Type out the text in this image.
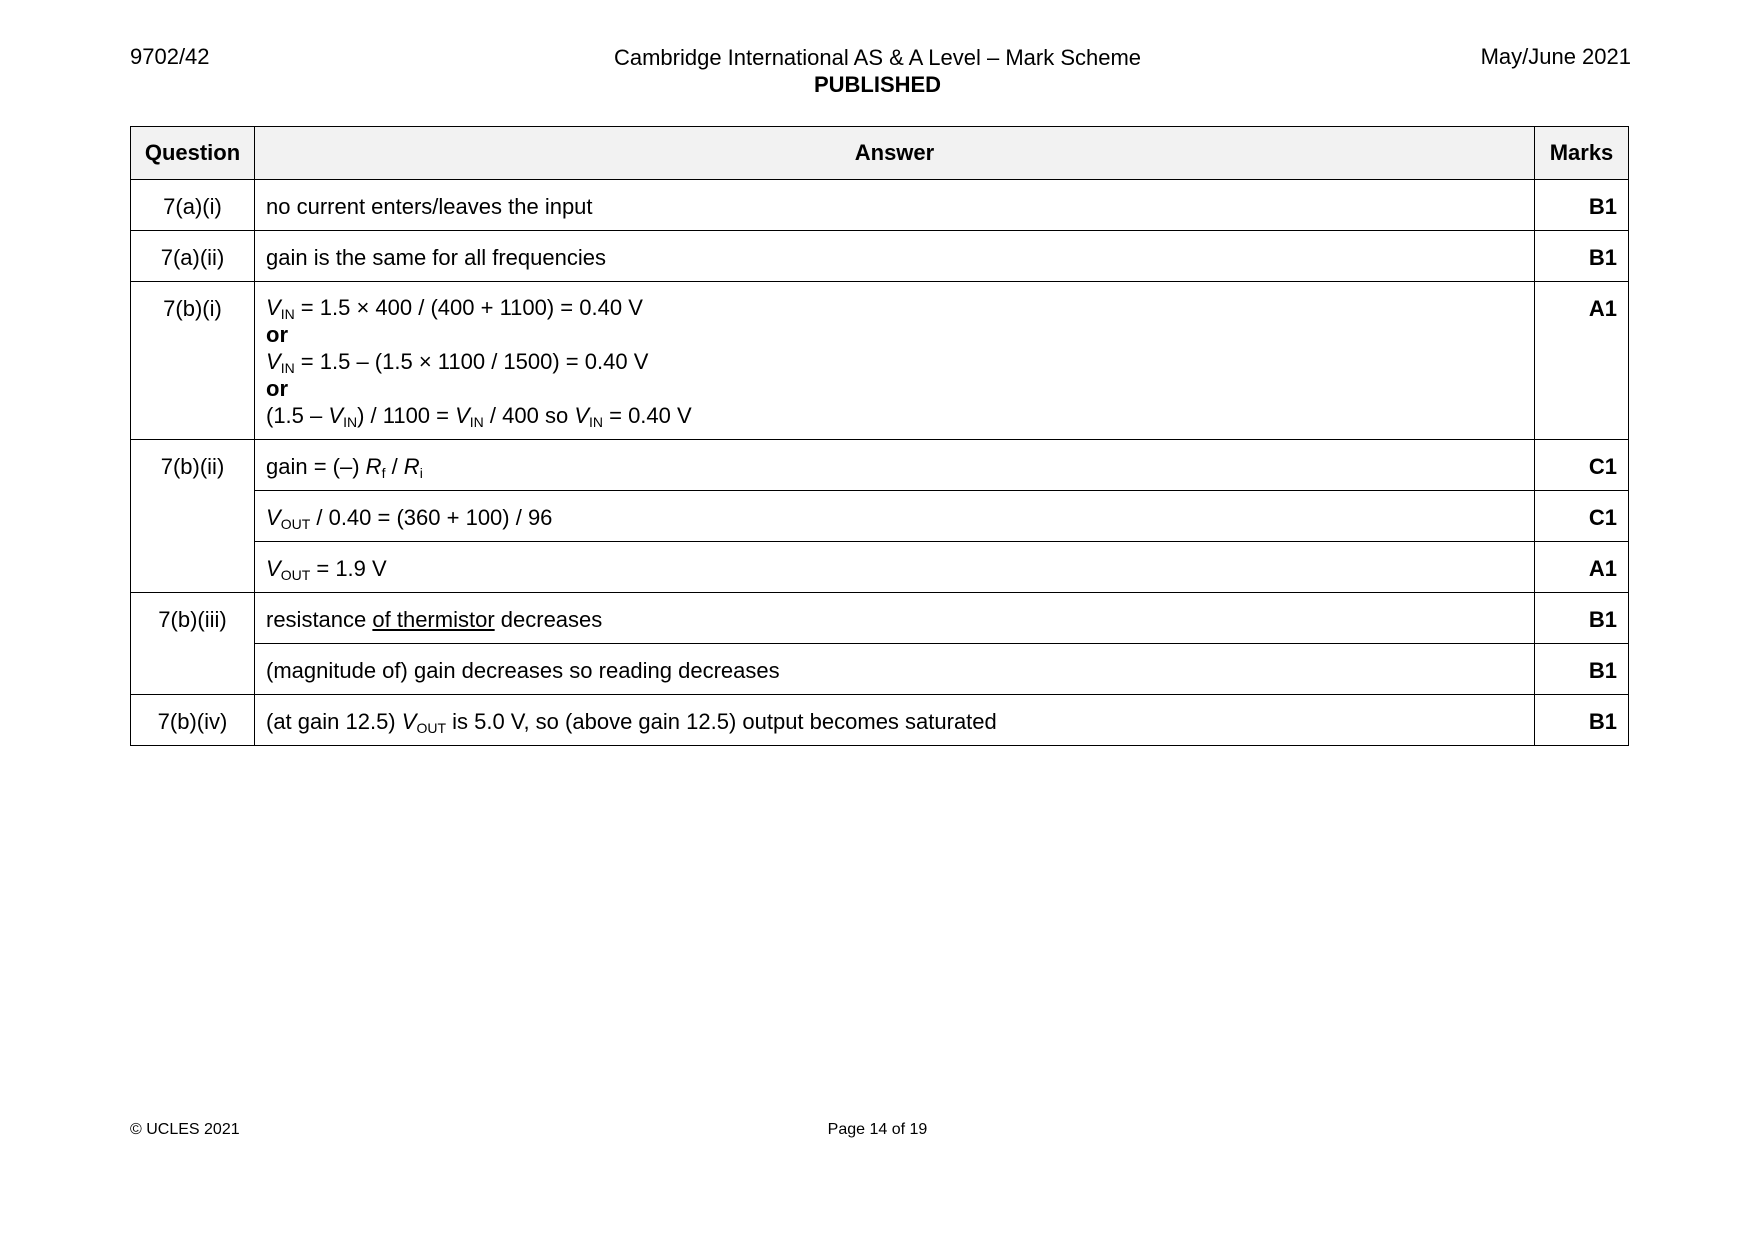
9702/42	Cambridge International AS & A Level – Mark Scheme
PUBLISHED
May/June 2021
Question	Answer	Marks
7(a)(i)	no current enters/leaves the input	B1
7(a)(ii)	gain is the same for all frequencies	B1
7(b)(i)	$V_{IN} = 1.5 \times 400 / (400 + 1100) = 0.40$ V
or
$V_{IN} = 1.5 - (1.5 \times 1100 / 1500) = 0.40$ V
or
$(1.5 - V_{IN}) / 1100 = V_{IN} / 400$ so $V_{IN} = 0.40$ V	A1
7(b)(ii)	gain = (–) $R_f / R_i$	C1
	$V_{OUT} / 0.40 = (360 + 100) / 96$	C1
	$V_{OUT} = 1.9$ V	A1
7(b)(iii)	resistance of thermistor decreases	B1
	(magnitude of) gain decreases so reading decreases	B1
7(b)(iv)	(at gain 12.5) $V_{OUT}$ is 5.0 V, so (above gain 12.5) output becomes saturated	B1
© UCLES 2021	Page 14 of 19
